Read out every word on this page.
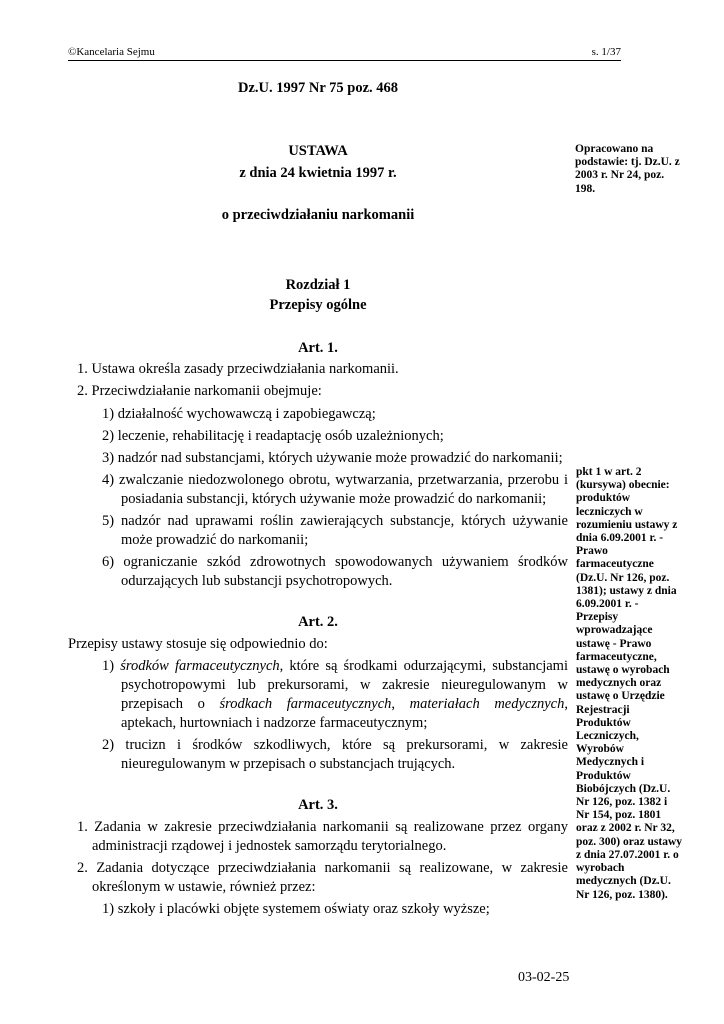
©Kancelaria Sejmu	s. 1/37
Dz.U. 1997 Nr 75 poz. 468
USTAWA
z dnia 24 kwietnia 1997 r.
o przeciwdziałaniu narkomanii
Opracowano na
podstawie: tj. Dz.U. z
2003 r. Nr 24, poz.
198.
Rozdział 1
Przepisy ogólne
Art. 1.
1. Ustawa określa zasady przeciwdziałania narkomanii.
2. Przeciwdziałanie narkomanii obejmuje:
1) działalność wychowawczą i zapobiegawczą;
2) leczenie, rehabilitację i readaptację osób uzależnionych;
3) nadzór nad substancjami, których używanie może prowadzić do narkomanii;
4) zwalczanie niedozwolonego obrotu, wytwarzania, przetwarzania, przerobu i
posiadania substancji, których używanie może prowadzić do narkomanii;
5) nadzór nad uprawami roślin zawierających substancje, których używanie
może prowadzić do narkomanii;
6) ograniczanie szkód zdrowotnych spowodowanych używaniem środków
odurzających lub substancji psychotropowych.
Art. 2.
Przepisy ustawy stosuje się odpowiednio do:
1) środków farmaceutycznych, które są środkami odurzającymi, substancjami
psychotropowymi lub prekursorami, w zakresie nieuregulowanym w
przepisach o środkach farmaceutycznych, materiałach medycznych,
aptekach, hurtowniach i nadzorze farmaceutycznym;
2) trucizn i środków szkodliwych, które są prekursorami, w zakresie
nieuregulowanym w przepisach o substancjach trujących.
Art. 3.
1. Zadania w zakresie przeciwdziałania narkomanii są realizowane przez organy
administracji rządowej i jednostek samorządu terytorialnego.
2. Zadania dotyczące przeciwdziałania narkomanii są realizowane, w zakresie
określonym w ustawie, również przez:
1) szkoły i placówki objęte systemem oświaty oraz szkoły wyższe;
pkt 1 w art. 2
(kursywa) obecnie:
produktów
leczniczych w
rozumieniu ustawy z
dnia 6.09.2001 r. -
Prawo
farmaceutyczne
(Dz.U. Nr 126, poz.
1381); ustawy z dnia
6.09.2001 r. -
Przepisy
wprowadzające
ustawę - Prawo
farmaceutyczne,
ustawę o wyrobach
medycznych oraz
ustawę o Urzędzie
Rejestracji
Produktów
Leczniczych,
Wyrobów
Medycznych i
Produktów
Biobójczych (Dz.U.
Nr 126, poz. 1382 i
Nr 154, poz. 1801
oraz z 2002 r. Nr 32,
poz. 300) oraz ustawy
z dnia 27.07.2001 r. o
wyrobach
medycznych (Dz.U.
Nr 126, poz. 1380).
03-02-25
